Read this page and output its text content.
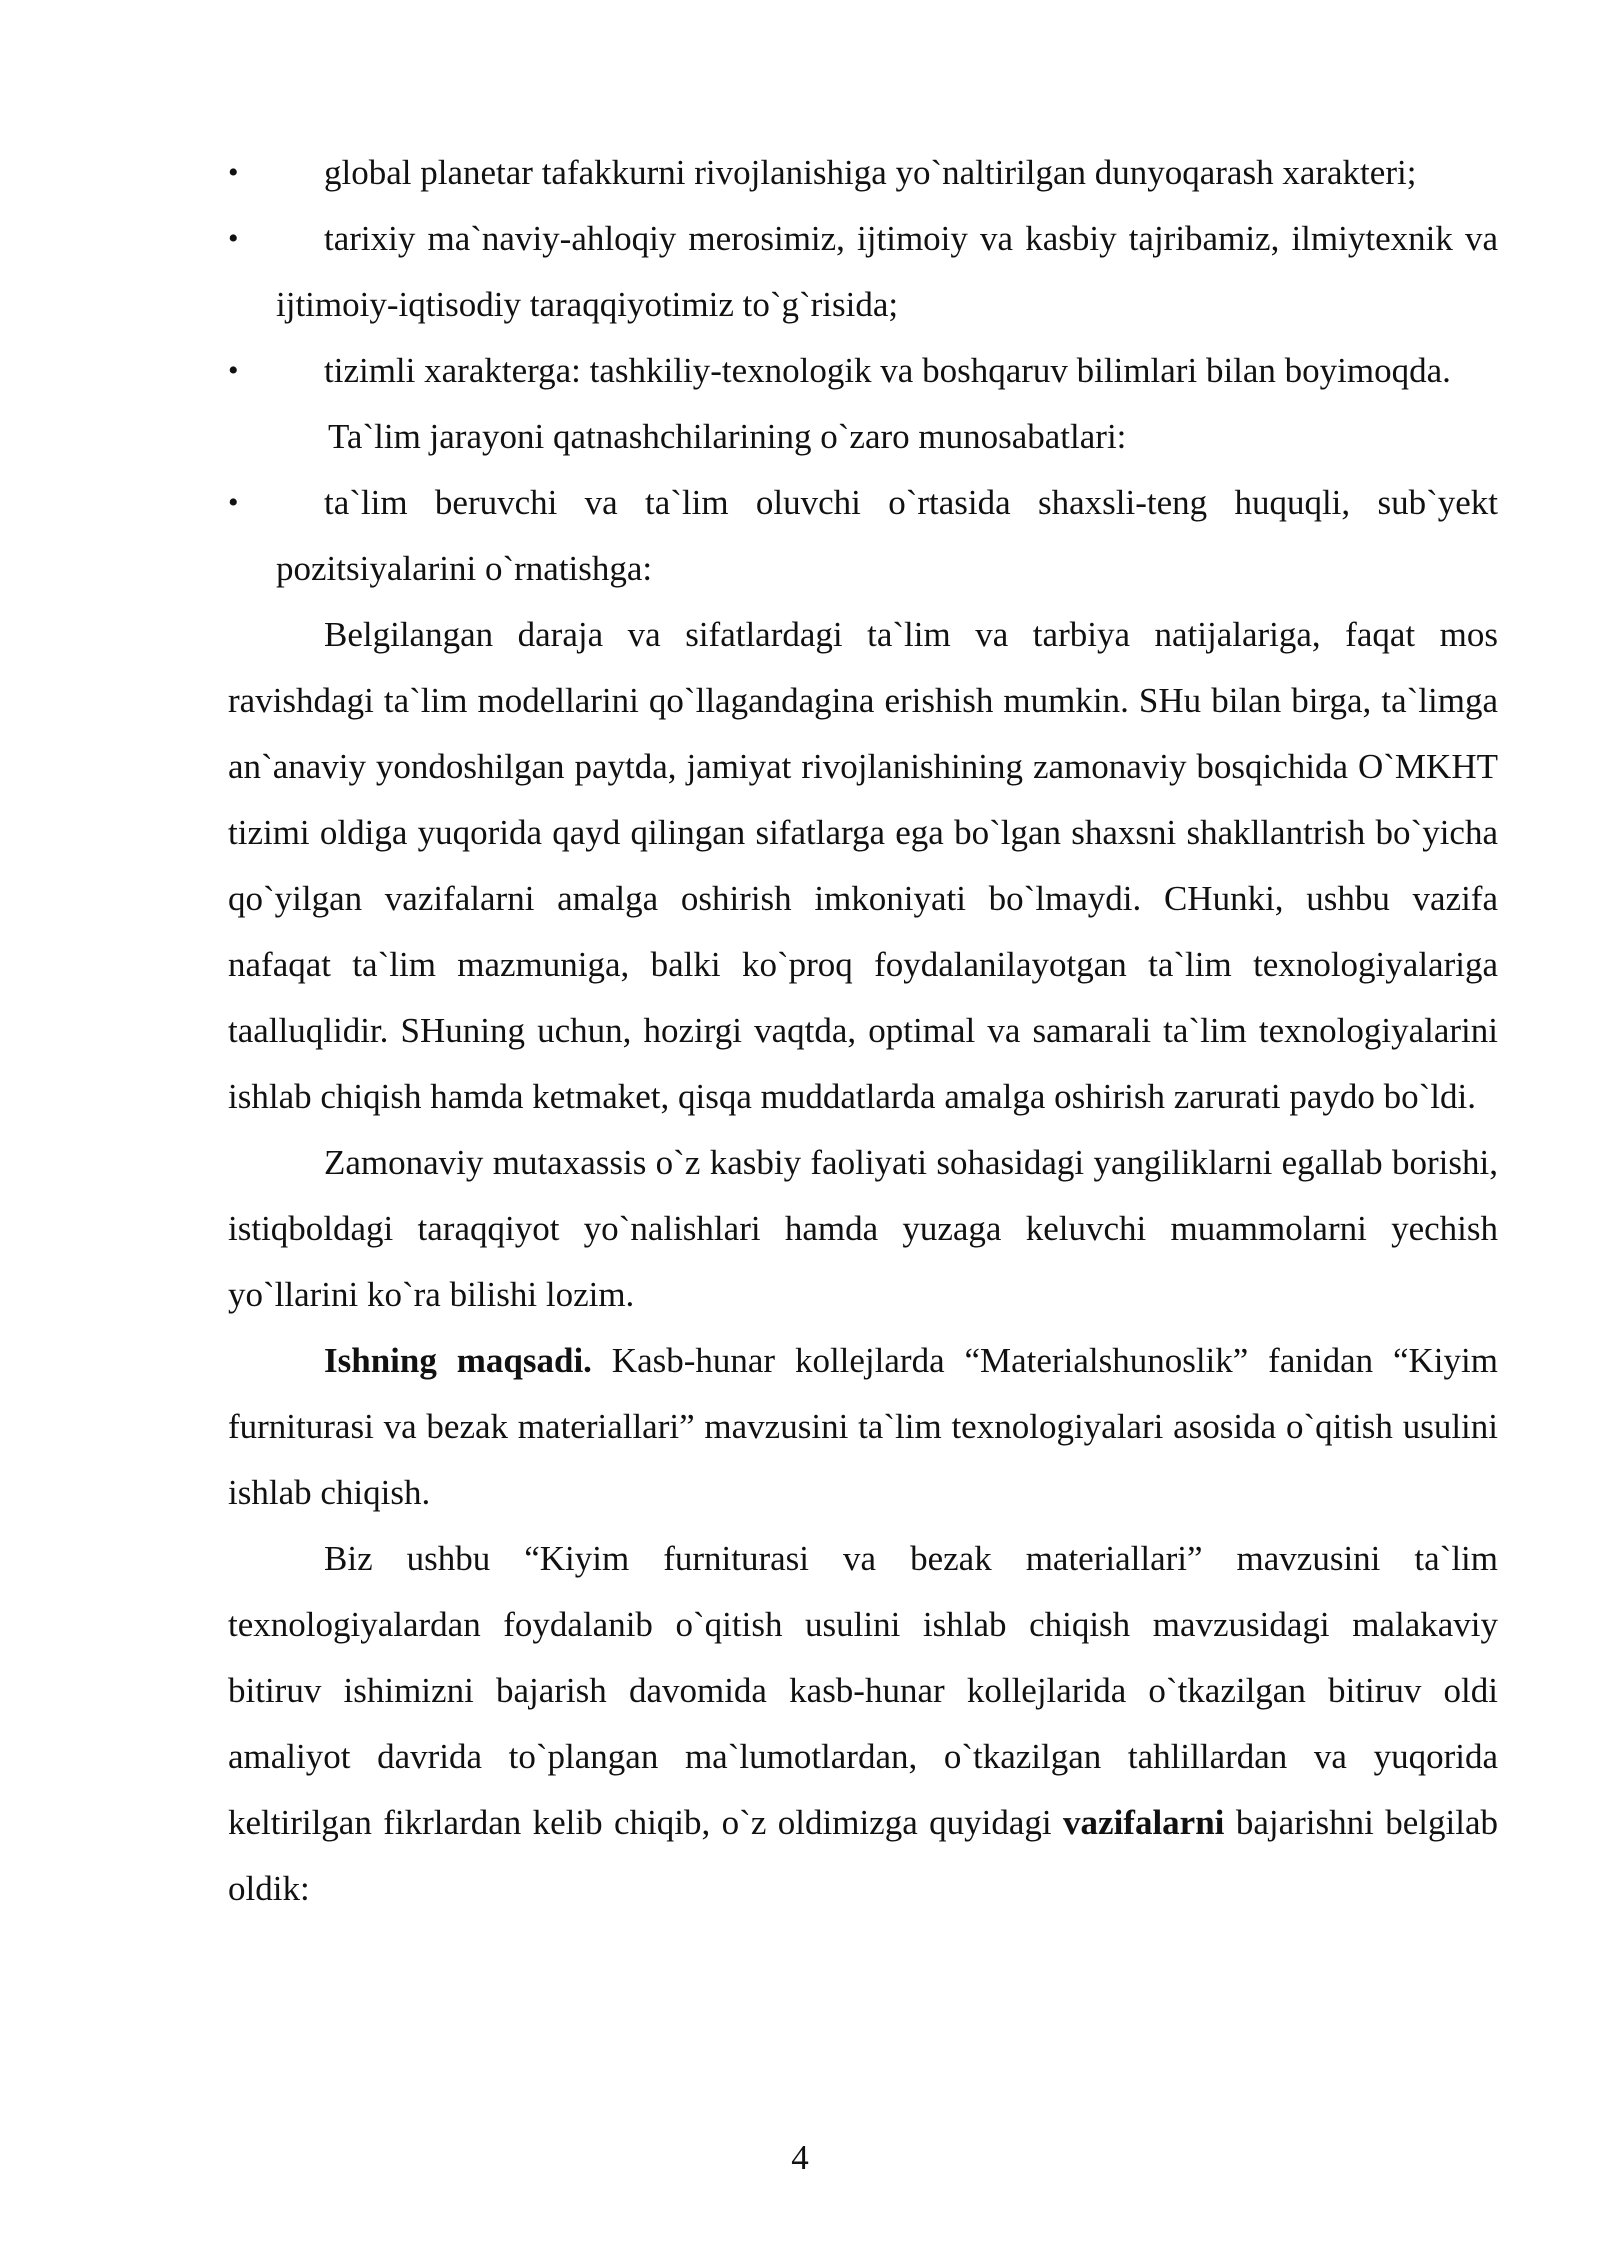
•	global planetar tafakkurni rivojlanishiga yo`naltirilgan dunyoqarash xarakteri;
•	tarixiy ma`naviy-ahloqiy merosimiz, ijtimoiy va kasbiy tajribamiz, ilmiytexnik va ijtimoiy-iqtisodiy taraqqiyotimiz to`g`risida;
•	tizimli xarakterga: tashkiliy-texnologik va boshqaruv bilimlari bilan boyimoqda.
Ta`lim jarayoni qatnashchilarining o`zaro munosabatlari:
•	ta`lim beruvchi va ta`lim oluvchi o`rtasida shaxsli-teng huquqli, sub`yekt pozitsiyalarini o`rnatishga:
Belgilangan daraja va sifatlardagi ta`lim va tarbiya natijalariga, faqat mos ravishdagi ta`lim modellarini qo`llagandagina erishish mumkin. SHu bilan birga, ta`limga an`anaviy yondoshilgan paytda, jamiyat rivojlanishining zamonaviy bosqichida O`MKHT tizimi oldiga yuqorida qayd qilingan sifatlarga ega bo`lgan shaxsni shakllantrish bo`yicha qo`yilgan vazifalarni amalga oshirish imkoniyati bo`lmaydi. CHunki, ushbu vazifa nafaqat ta`lim mazmuniga, balki ko`proq foydalanilayotgan ta`lim texnologiyalariga taalluqlidir. SHuning uchun, hozirgi vaqtda, optimal va samarali ta`lim texnologiyalarini ishlab chiqish hamda ketmaket, qisqa muddatlarda amalga oshirish zarurati paydo bo`ldi.
Zamonaviy mutaxassis o`z kasbiy faoliyati sohasidagi yangiliklarni egallab borishi, istiqboldagi taraqqiyot yo`nalishlari hamda yuzaga keluvchi muammolarni yechish yo`llarini ko`ra bilishi lozim.
Ishning maqsadi. Kasb-hunar kollejlarda “Materialshunoslik” fanidan “Kiyim furniturasi va bezak materiallari” mavzusini ta`lim texnologiyalari asosida o`qitish usulini ishlab chiqish.
Biz ushbu “Kiyim furniturasi va bezak materiallari” mavzusini ta`lim texnologiyalardan foydalanib o`qitish usulini ishlab chiqish mavzusidagi malakaviy bitiruv ishimizni bajarish davomida kasb-hunar kollejlarida o`tkazilgan bitiruv oldi amaliyot davrida to`plangan ma`lumotlardan, o`tkazilgan tahlillardan va yuqorida keltirilgan fikrlardan kelib chiqib, o`z oldimizga quyidagi vazifalarni bajarishni belgilab oldik:
4
